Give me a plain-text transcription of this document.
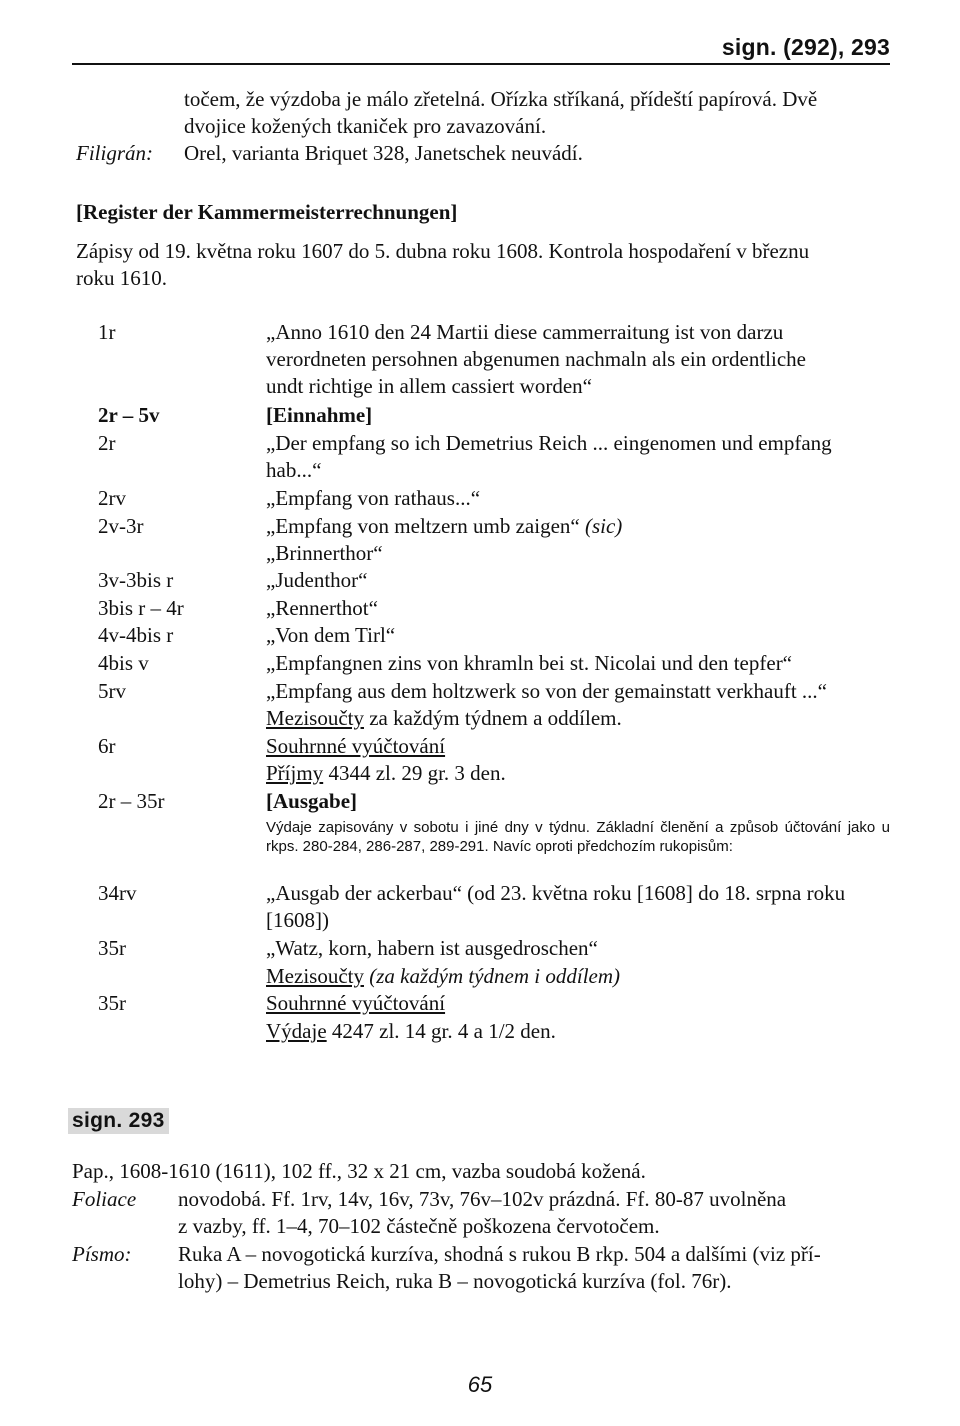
sign. (292), 293
točem, že výzdoba je málo zřetelná. Ořízka stříkaná, přídeští papírová. Dvě
dvojice kožených tkaniček pro zavazování.
Filigrán: Orel, varianta Briquet 328, Janetschek neuvádí.
[Register der Kammermeisterrechnungen]
Zápisy od 19. května roku 1607 do 5. dubna roku 1608. Kontrola hospodaření v březnu
roku 1610.
1r	„Anno 1610 den 24 Martii diese cammerraitung ist von darzu
verordneten persohnen abgenumen nachmaln als ein ordentliche
undt richtige in allem cassiert worden“
2r – 5v	[Einnahme]
2r	„Der empfang so ich Demetrius Reich ... eingenomen und empfang
hab...“
2rv	„Empfang von rathaus...“
2v-3r	„Empfang von meltzern umb zaigen“ (sic)
„Brinnerthor“
3v-3bis r	„Judenthor“
3bis r – 4r	„Rennerthot“
4v-4bis r	„Von dem Tirl“
4bis v	„Empfangnen zins von khramln bei st. Nicolai und den tepfer“
5rv	„Empfang aus dem holtzwerk so von der gemainstatt verkhauft ...“
Mezisoučty za každým týdnem a oddílem.
6r	Souhrnné vyúčtování
Příjmy 4344 zl. 29 gr. 3 den.
2r – 35r	[Ausgabe]
Výdaje zapisovány v sobotu i jiné dny v týdnu. Základní členění a způsob účtování jako u rkps. 280-284, 286-287, 289-291. Navíc oproti předchozím rukopisům:
34rv	„Ausgab der ackerbau“ (od 23. května roku [1608] do 18. srpna roku
[1608])
35r	„Watz, korn, habern ist ausgedroschen“
Mezisoučty (za každým týdnem i oddílem)
35r	Souhrnné vyúčtování
Výdaje 4247 zl. 14 gr. 4 a 1/2 den.
sign. 293
Pap., 1608-1610 (1611), 102 ff., 32 x 21 cm, vazba soudobá kožená.
Foliace novodobá. Ff. 1rv, 14v, 16v, 73v, 76v–102v prázdná. Ff. 80-87 uvolněna
z vazby, ff. 1–4, 70–102 částečně poškozena červotočem.
Písmo: Ruka A – novogotická kurzíva, shodná s rukou B rkp. 504 a dalšími (viz pří-
lohy) – Demetrius Reich, ruka B – novogotická kurzíva (fol. 76r).
65
